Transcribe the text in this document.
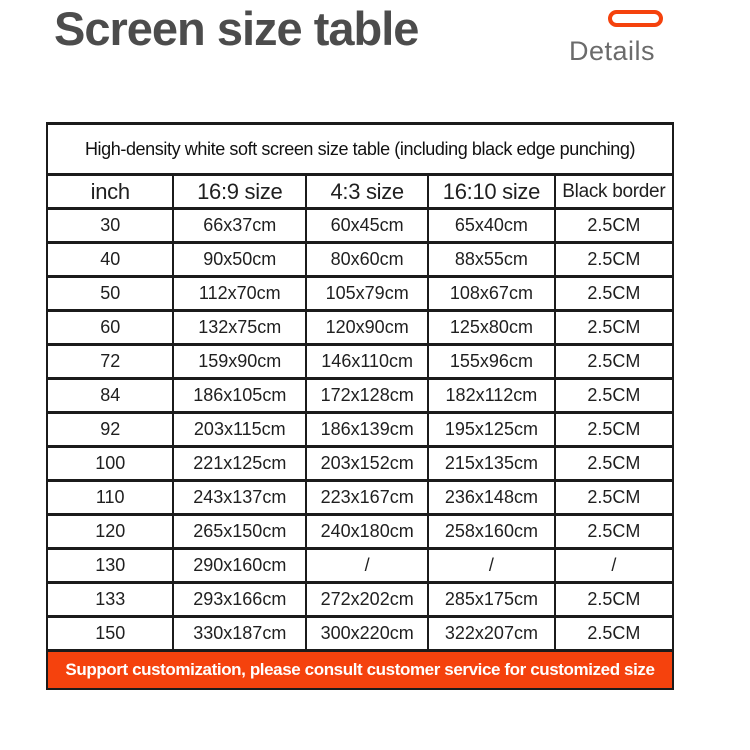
Screen size table	Details
High-density white soft screen size table (including black edge punching)				
inch	16:9 size	4:3 size	16:10 size	Black border
30	66x37cm	60x45cm	65x40cm	2.5CM
40	90x50cm	80x60cm	88x55cm	2.5CM
50	112x70cm	105x79cm	108x67cm	2.5CM
60	132x75cm	120x90cm	125x80cm	2.5CM
72	159x90cm	146x110cm	155x96cm	2.5CM
84	186x105cm	172x128cm	182x112cm	2.5CM
92	203x115cm	186x139cm	195x125cm	2.5CM
100	221x125cm	203x152cm	215x135cm	2.5CM
110	243x137cm	223x167cm	236x148cm	2.5CM
120	265x150cm	240x180cm	258x160cm	2.5CM
130	290x160cm	/	/	/
133	293x166cm	272x202cm	285x175cm	2.5CM
150	330x187cm	300x220cm	322x207cm	2.5CM
Support customization, please consult customer service for customized size
